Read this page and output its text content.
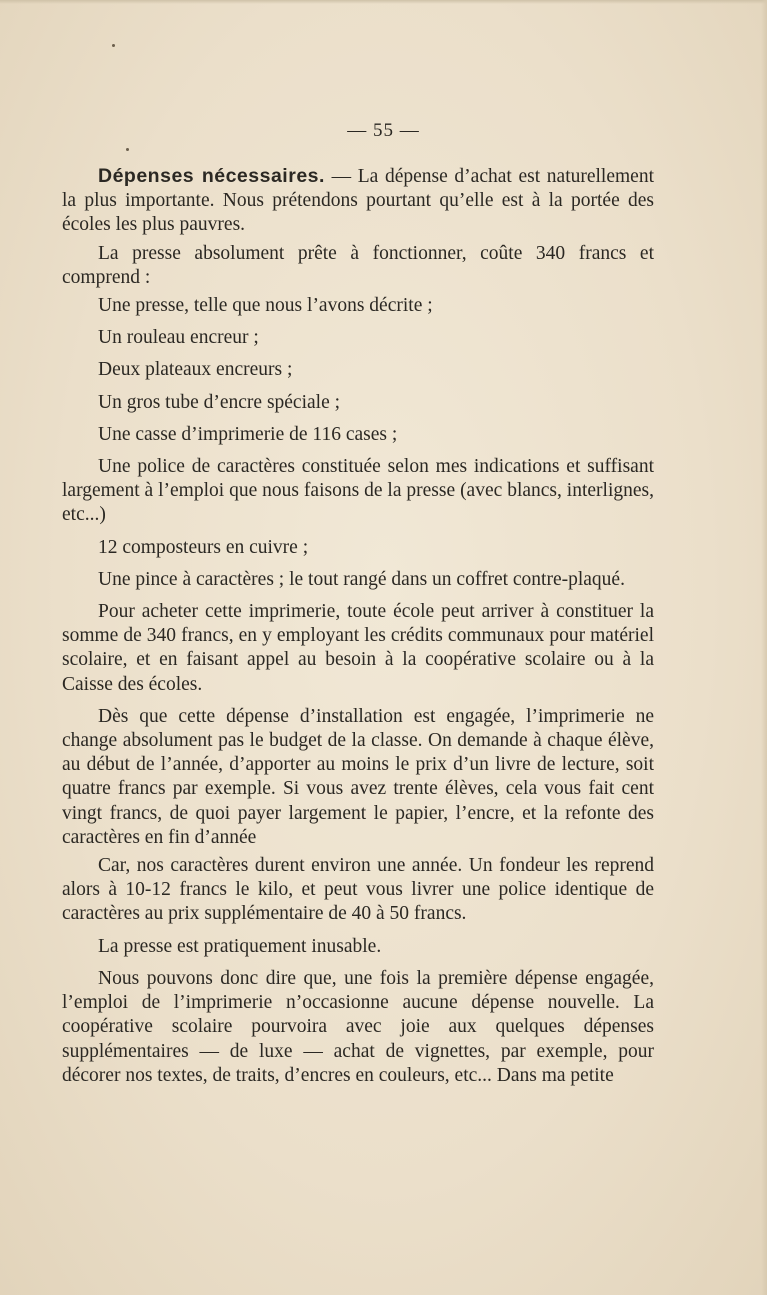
— 55 —

Dépenses nécessaires. — La dépense d’achat est naturellement la plus importante. Nous prétendons pourtant qu’elle est à la portée des écoles les plus pauvres.

La presse absolument prête à fonctionner, coûte 340 francs et comprend :

Une presse, telle que nous l’avons décrite ;

Un rouleau encreur ;

Deux plateaux encreurs ;

Un gros tube d’encre spéciale ;

Une casse d’imprimerie de 116 cases ;

Une police de caractères constituée selon mes indications et suffisant largement à l’emploi que nous faisons de la presse (avec blancs, interlignes, etc...)

12 composteurs en cuivre ;

Une pince à caractères ; le tout rangé dans un coffret contre-plaqué.

Pour acheter cette imprimerie, toute école peut arriver à constituer la somme de 340 francs, en y employant les crédits communaux pour matériel scolaire, et en faisant appel au besoin à la coopérative scolaire ou à la Caisse des écoles.

Dès que cette dépense d’installation est engagée, l’imprimerie ne change absolument pas le budget de la classe. On demande à chaque élève, au début de l’année, d’apporter au moins le prix d’un livre de lecture, soit quatre francs par exemple. Si vous avez trente élèves, cela vous fait cent vingt francs, de quoi payer largement le papier, l’encre, et la refonte des caractères en fin d’année

Car, nos caractères durent environ une année. Un fondeur les reprend alors à 10-12 francs le kilo, et peut vous livrer une police identique de caractères au prix supplémentaire de 40 à 50 francs.

La presse est pratiquement inusable.

Nous pouvons donc dire que, une fois la première dépense engagée, l’emploi de l’imprimerie n’occasionne aucune dépense nouvelle. La coopérative scolaire pourvoira avec joie aux quelques dépenses supplémentaires — de luxe — achat de vignettes, par exemple, pour décorer nos textes, de traits, d’encres en couleurs, etc... Dans ma petite
